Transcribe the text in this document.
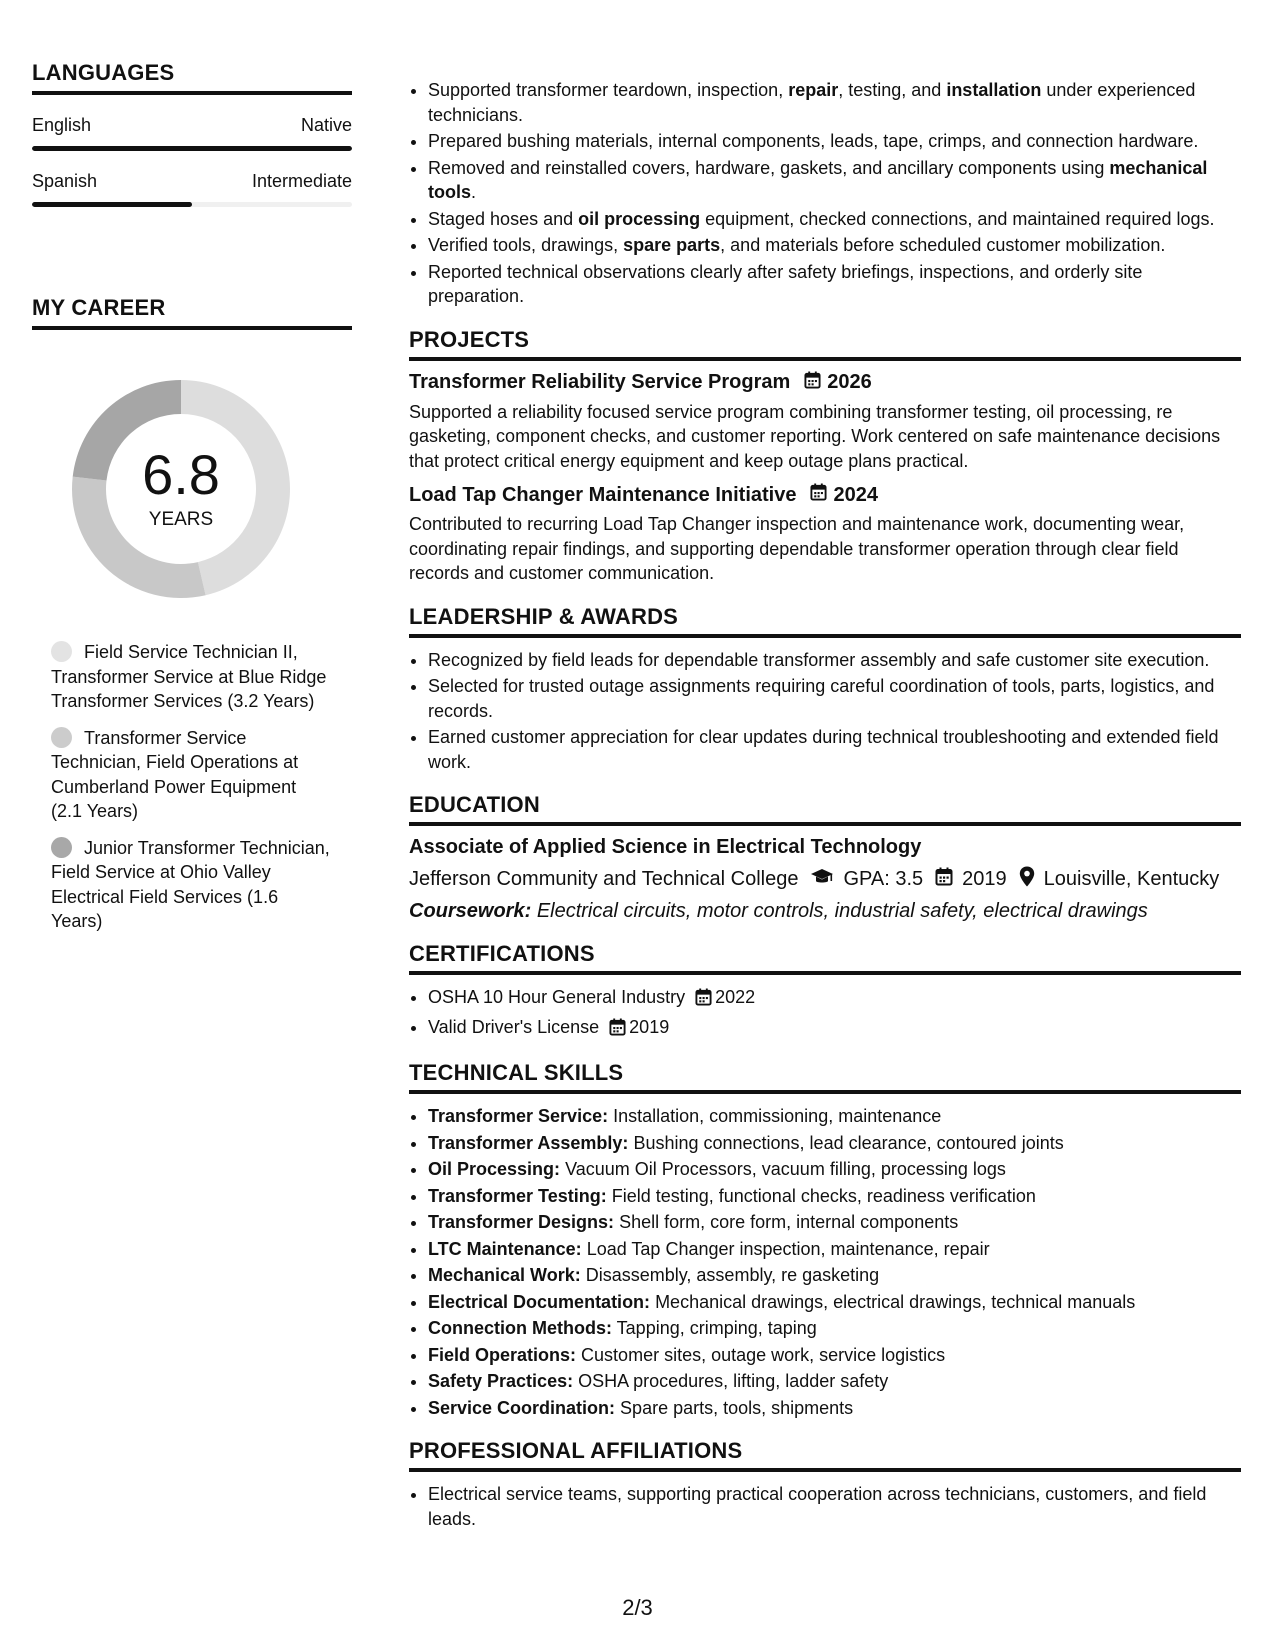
LANGUAGES
English	Native
Spanish	Intermediate
MY CAREER
6.8
YEARS
Field Service Technician II, Transformer Service at Blue Ridge Transformer Services (3.2 Years)
Transformer Service Technician, Field Operations at Cumberland Power Equipment (2.1 Years)
Junior Transformer Technician, Field Service at Ohio Valley Electrical Field Services (1.6 Years)
• Supported transformer teardown, inspection, repair, testing, and installation under experienced technicians.
• Prepared bushing materials, internal components, leads, tape, crimps, and connection hardware.
• Removed and reinstalled covers, hardware, gaskets, and ancillary components using mechanical tools.
• Staged hoses and oil processing equipment, checked connections, and maintained required logs.
• Verified tools, drawings, spare parts, and materials before scheduled customer mobilization.
• Reported technical observations clearly after safety briefings, inspections, and orderly site preparation.
PROJECTS
Transformer Reliability Service Program 2026
Supported a reliability focused service program combining transformer testing, oil processing, re gasketing, component checks, and customer reporting. Work centered on safe maintenance decisions that protect critical energy equipment and keep outage plans practical.
Load Tap Changer Maintenance Initiative 2024
Contributed to recurring Load Tap Changer inspection and maintenance work, documenting wear, coordinating repair findings, and supporting dependable transformer operation through clear field records and customer communication.
LEADERSHIP & AWARDS
• Recognized by field leads for dependable transformer assembly and safe customer site execution.
• Selected for trusted outage assignments requiring careful coordination of tools, parts, logistics, and records.
• Earned customer appreciation for clear updates during technical troubleshooting and extended field work.
EDUCATION
Associate of Applied Science in Electrical Technology
Jefferson Community and Technical College GPA: 3.5 2019 Louisville, Kentucky
Coursework: Electrical circuits, motor controls, industrial safety, electrical drawings
CERTIFICATIONS
• OSHA 10 Hour General Industry 2022
• Valid Driver's License 2019
TECHNICAL SKILLS
• Transformer Service: Installation, commissioning, maintenance
• Transformer Assembly: Bushing connections, lead clearance, contoured joints
• Oil Processing: Vacuum Oil Processors, vacuum filling, processing logs
• Transformer Testing: Field testing, functional checks, readiness verification
• Transformer Designs: Shell form, core form, internal components
• LTC Maintenance: Load Tap Changer inspection, maintenance, repair
• Mechanical Work: Disassembly, assembly, re gasketing
• Electrical Documentation: Mechanical drawings, electrical drawings, technical manuals
• Connection Methods: Tapping, crimping, taping
• Field Operations: Customer sites, outage work, service logistics
• Safety Practices: OSHA procedures, lifting, ladder safety
• Service Coordination: Spare parts, tools, shipments
PROFESSIONAL AFFILIATIONS
• Electrical service teams, supporting practical cooperation across technicians, customers, and field leads.
2/3
